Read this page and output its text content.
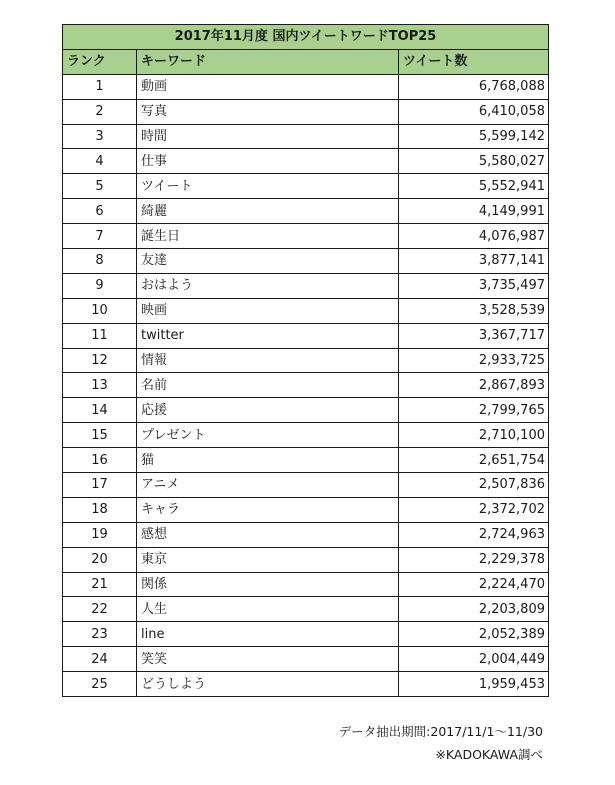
2017年11月度 国内ツイートワードTOP25		
ランク	キーワード	ツイート数
1	動画	6,768,088
2	写真	6,410,058
3	時間	5,599,142
4	仕事	5,580,027
5	ツイート	5,552,941
6	綺麗	4,149,991
7	誕生日	4,076,987
8	友達	3,877,141
9	おはよう	3,735,497
10	映画	3,528,539
11	twitter	3,367,717
12	情報	2,933,725
13	名前	2,867,893
14	応援	2,799,765
15	プレゼント	2,710,100
16	猫	2,651,754
17	アニメ	2,507,836
18	キャラ	2,372,702
19	感想	2,724,963
20	東京	2,229,378
21	関係	2,224,470
22	人生	2,203,809
23	line	2,052,389
24	笑笑	2,004,449
25	どうしよう	1,959,453
データ抽出期間:2017/11/1～11/30
※KADOKAWA調べ
